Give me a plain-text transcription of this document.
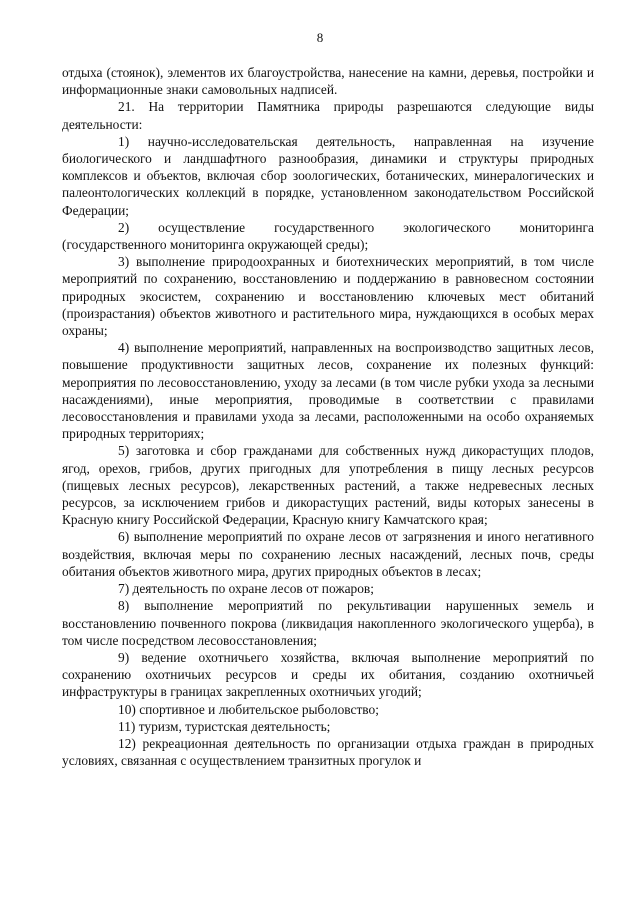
8

отдыха (стоянок), элементов их благоустройства, нанесение на камни, деревья, постройки и информационные знаки самовольных надписей.

21. На территории Памятника природы разрешаются следующие виды деятельности:

1) научно-исследовательская деятельность, направленная на изучение биологического и ландшафтного разнообразия, динамики и структуры природных комплексов и объектов, включая сбор зоологических, ботанических, минералогических и палеонтологических коллекций в порядке, установленном законодательством Российской Федерации;

2) осуществление государственного экологического мониторинга (государственного мониторинга окружающей среды);

3) выполнение природоохранных и биотехнических мероприятий, в том числе мероприятий по сохранению, восстановлению и поддержанию в равновесном состоянии природных экосистем, сохранению и восстановлению ключевых мест обитаний (произрастания) объектов животного и растительного мира, нуждающихся в особых мерах охраны;

4) выполнение мероприятий, направленных на воспроизводство защитных лесов, повышение продуктивности защитных лесов, сохранение их полезных функций: мероприятия по лесовосстановлению, уходу за лесами (в том числе рубки ухода за лесными насаждениями), иные мероприятия, проводимые в соответствии с правилами лесовосстановления и правилами ухода за лесами, расположенными на особо охраняемых природных территориях;

5) заготовка и сбор гражданами для собственных нужд дикорастущих плодов, ягод, орехов, грибов, других пригодных для употребления в пищу лесных ресурсов (пищевых лесных ресурсов), лекарственных растений, а также недревесных лесных ресурсов, за исключением грибов и дикорастущих растений, виды которых занесены в Красную книгу Российской Федерации, Красную книгу Камчатского края;

6) выполнение мероприятий по охране лесов от загрязнения и иного негативного воздействия, включая меры по сохранению лесных насаждений, лесных почв, среды обитания объектов животного мира, других природных объектов в лесах;

7) деятельность по охране лесов от пожаров;

8) выполнение мероприятий по рекультивации нарушенных земель и восстановлению почвенного покрова (ликвидация накопленного экологического ущерба), в том числе посредством лесовосстановления;

9) ведение охотничьего хозяйства, включая выполнение мероприятий по сохранению охотничьих ресурсов и среды их обитания, созданию охотничьей инфраструктуры в границах закрепленных охотничьих угодий;

10) спортивное и любительское рыболовство;

11) туризм, туристская деятельность;

12) рекреационная деятельность по организации отдыха граждан в природных условиях, связанная с осуществлением транзитных прогулок и
